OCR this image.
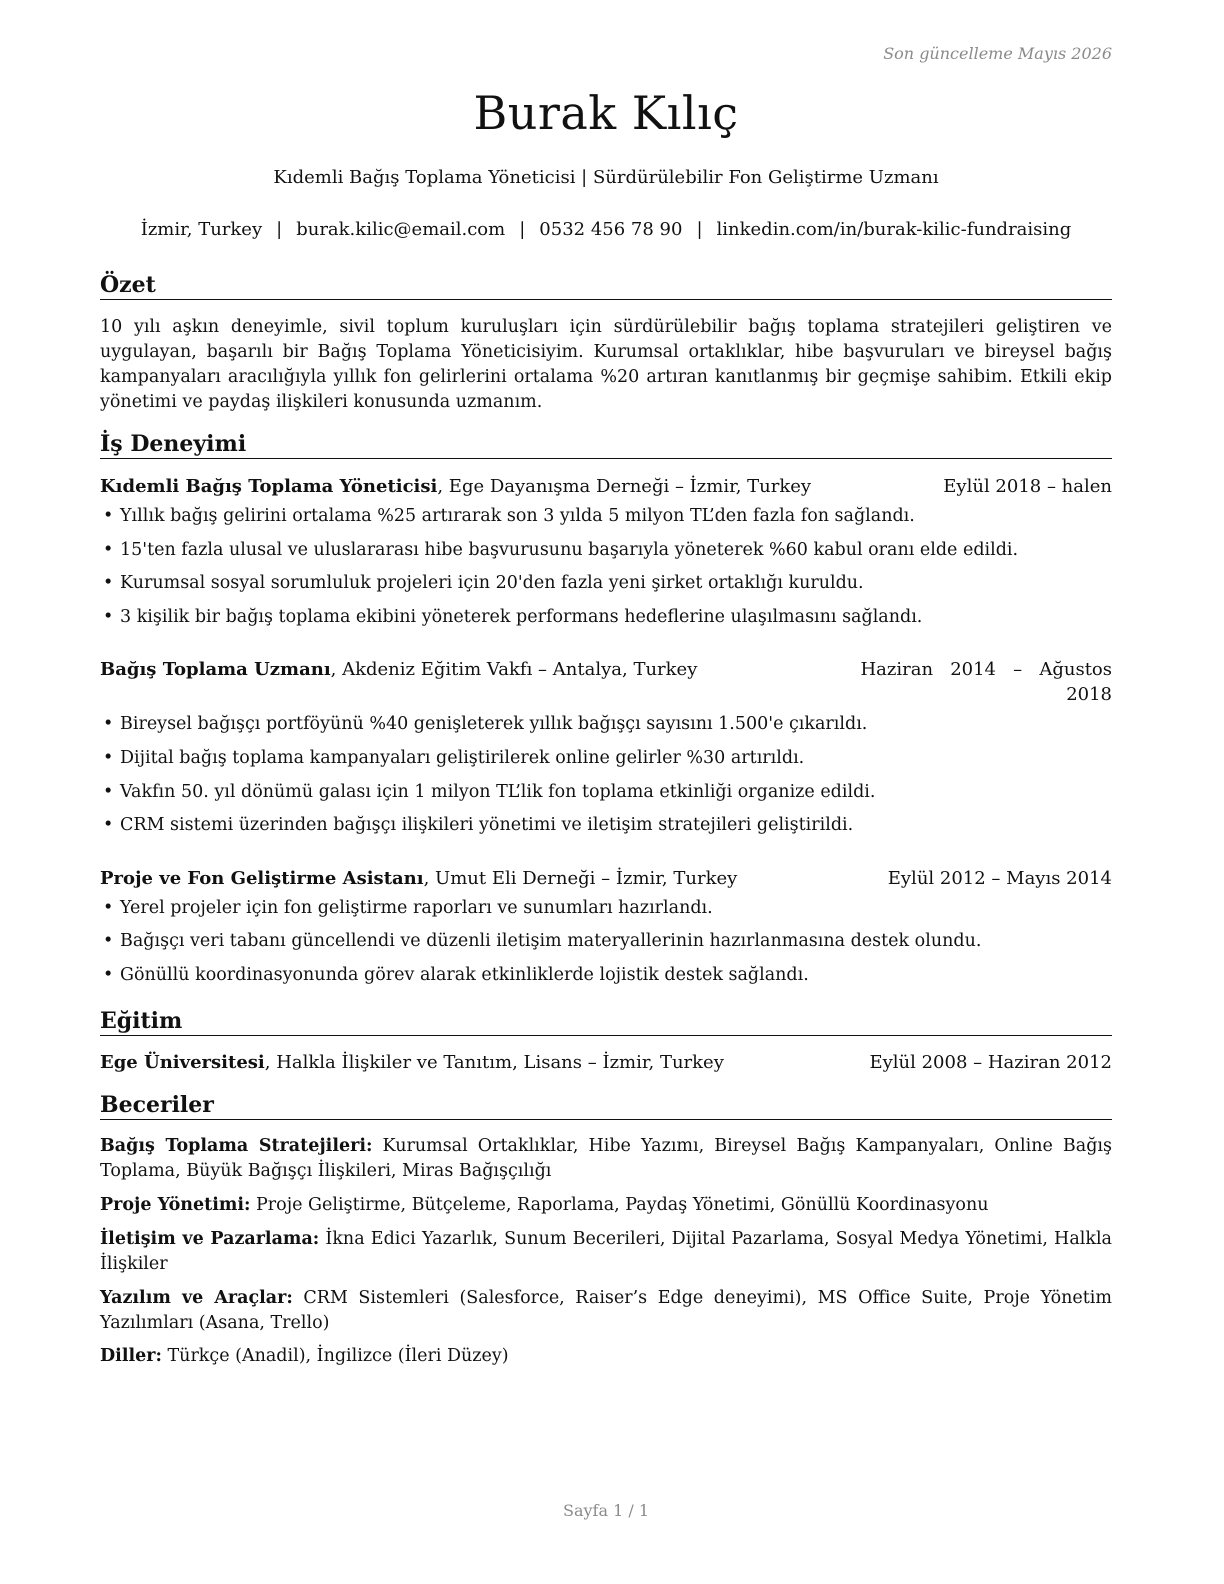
Son güncelleme Mayıs 2026
Burak Kılıç
Kıdemli Bağış Toplama Yöneticisi | Sürdürülebilir Fon Geliştirme Uzmanı
İzmir, Turkey | burak.kilic@email.com | 0532 456 78 90 | linkedin.com/in/burak-kilic-fundraising
Özet
10 yılı aşkın deneyimle, sivil toplum kuruluşları için sürdürülebilir bağış toplama stratejileri geliştiren ve uygulayan, başarılı bir Bağış Toplama Yöneticisiyim. Kurumsal ortaklıklar, hibe başvuruları ve bireysel bağış kampanyaları aracılığıyla yıllık fon gelirlerini ortalama %20 artıran kanıtlanmış bir geçmişe sahibim. Etkili ekip yönetimi ve paydaş ilişkileri konusunda uzmanım.
İş Deneyimi
Kıdemli Bağış Toplama Yöneticisi, Ege Dayanışma Derneği – İzmir, Turkey	Eylül 2018 – halen
• Yıllık bağış gelirini ortalama %25 artırarak son 3 yılda 5 milyon TL’den fazla fon sağlandı.
• 15'ten fazla ulusal ve uluslararası hibe başvurusunu başarıyla yöneterek %60 kabul oranı elde edildi.
• Kurumsal sosyal sorumluluk projeleri için 20'den fazla yeni şirket ortaklığı kuruldu.
• 3 kişilik bir bağış toplama ekibini yöneterek performans hedeflerine ulaşılmasını sağlandı.
Bağış Toplama Uzmanı, Akdeniz Eğitim Vakfı – Antalya, Turkey	Haziran   2014   –   Ağustos
2018
• Bireysel bağışçı portföyünü %40 genişleterek yıllık bağışçı sayısını 1.500'e çıkarıldı.
• Dijital bağış toplama kampanyaları geliştirilerek online gelirler %30 artırıldı.
• Vakfın 50. yıl dönümü galası için 1 milyon TL’lik fon toplama etkinliği organize edildi.
• CRM sistemi üzerinden bağışçı ilişkileri yönetimi ve iletişim stratejileri geliştirildi.
Proje ve Fon Geliştirme Asistanı, Umut Eli Derneği – İzmir, Turkey	Eylül 2012 – Mayıs 2014
• Yerel projeler için fon geliştirme raporları ve sunumları hazırlandı.
• Bağışçı veri tabanı güncellendi ve düzenli iletişim materyallerinin hazırlanmasına destek olundu.
• Gönüllü koordinasyonunda görev alarak etkinliklerde lojistik destek sağlandı.
Eğitim
Ege Üniversitesi, Halkla İlişkiler ve Tanıtım, Lisans – İzmir, Turkey	Eylül 2008 – Haziran 2012
Beceriler
Bağış Toplama Stratejileri: Kurumsal Ortaklıklar, Hibe Yazımı, Bireysel Bağış Kampanyaları, Online Bağış Toplama, Büyük Bağışçı İlişkileri, Miras Bağışçılığı
Proje Yönetimi: Proje Geliştirme, Bütçeleme, Raporlama, Paydaş Yönetimi, Gönüllü Koordinasyonu
İletişim ve Pazarlama: İkna Edici Yazarlık, Sunum Becerileri, Dijital Pazarlama, Sosyal Medya Yönetimi, Halkla İlişkiler
Yazılım ve Araçlar: CRM Sistemleri (Salesforce, Raiser’s Edge deneyimi), MS Office Suite, Proje Yönetim Yazılımları (Asana, Trello)
Diller: Türkçe (Anadil), İngilizce (İleri Düzey)
Sayfa 1 / 1
